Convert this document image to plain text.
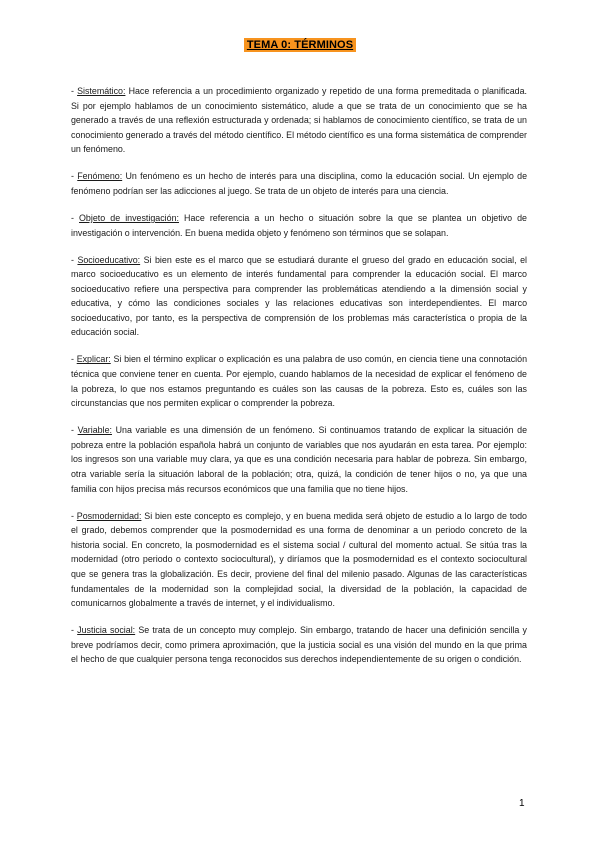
TEMA 0: TÉRMINOS

- Sistemático: Hace referencia a un procedimiento organizado y repetido de una forma premeditada o planificada. Si por ejemplo hablamos de un conocimiento sistemático, alude a que se trata de un conocimiento que se ha generado a través de una reflexión estructurada y ordenada; si hablamos de conocimiento científico, se trata de un conocimiento generado a través del método científico. El método científico es una forma sistemática de comprender un fenómeno.

- Fenómeno: Un fenómeno es un hecho de interés para una disciplina, como la educación social. Un ejemplo de fenómeno podrían ser las adicciones al juego. Se trata de un objeto de interés para una ciencia.

- Objeto de investigación: Hace referencia a un hecho o situación sobre la que se plantea un objetivo de investigación o intervención. En buena medida objeto y fenómeno son términos que se solapan.

- Socioeducativo: Si bien este es el marco que se estudiará durante el grueso del grado en educación social, el marco socioeducativo es un elemento de interés fundamental para comprender la educación social. El marco socioeducativo refiere una perspectiva para comprender las problemáticas atendiendo a la dimensión social y educativa, y cómo las condiciones sociales y las relaciones educativas son interdependientes. El marco socioeducativo, por tanto, es la perspectiva de comprensión de los problemas más característica o propia de la educación social.

- Explicar: Si bien el término explicar o explicación es una palabra de uso común, en ciencia tiene una connotación técnica que conviene tener en cuenta. Por ejemplo, cuando hablamos de la necesidad de explicar el fenómeno de la pobreza, lo que nos estamos preguntando es cuáles son las causas de la pobreza. Esto es, cuáles son las circunstancias que nos permiten explicar o comprender la pobreza.

- Variable: Una variable es una dimensión de un fenómeno. Si continuamos tratando de explicar la situación de pobreza entre la población española habrá un conjunto de variables que nos ayudarán en esta tarea. Por ejemplo: los ingresos son una variable muy clara, ya que es una condición necesaria para hablar de pobreza. Sin embargo, otra variable sería la situación laboral de la población; otra, quizá, la condición de tener hijos o no, ya que una familia con hijos precisa más recursos económicos que una familia que no tiene hijos.

- Posmodernidad: Si bien este concepto es complejo, y en buena medida será objeto de estudio a lo largo de todo el grado, debemos comprender que la posmodernidad es una forma de denominar a un periodo concreto de la historia social. En concreto, la posmodernidad es el sistema social / cultural del momento actual. Se sitúa tras la modernidad (otro periodo o contexto sociocultural), y diríamos que la posmodernidad es el contexto sociocultural que se genera tras la globalización. Es decir, proviene del final del milenio pasado. Algunas de las características fundamentales de la modernidad son la complejidad social, la diversidad de la población, la capacidad de comunicarnos globalmente a través de internet, y el individualismo.

- Justicia social: Se trata de un concepto muy complejo. Sin embargo, tratando de hacer una definición sencilla y breve podríamos decir, como primera aproximación, que la justicia social es una visión del mundo en la que prima el hecho de que cualquier persona tenga reconocidos sus derechos independientemente de su origen o condición.

1
